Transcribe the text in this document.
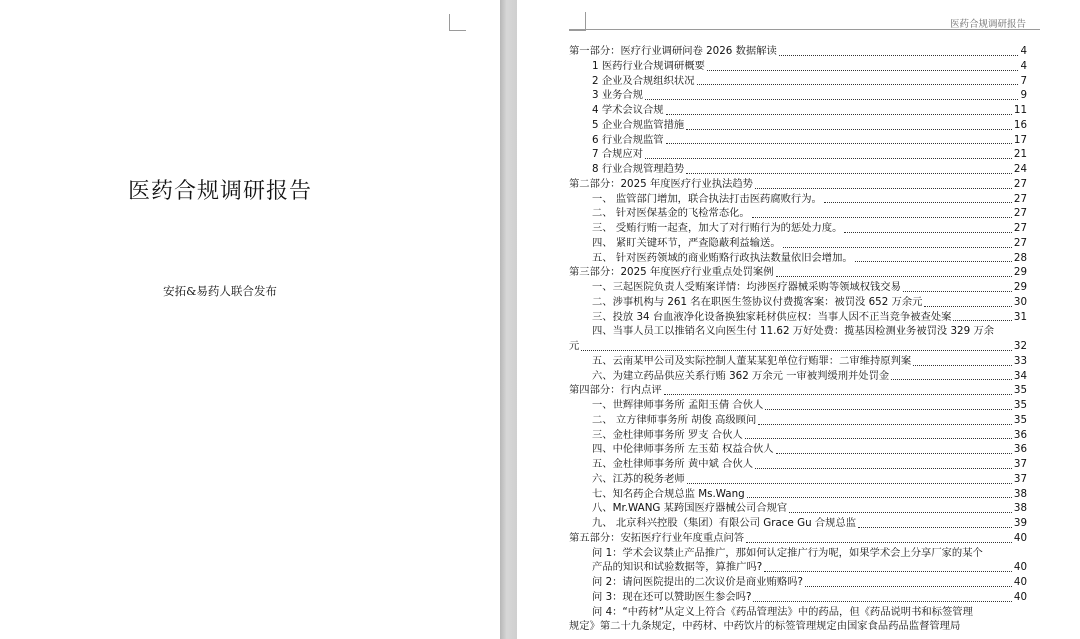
医药合规调研报告
安拓&易药人联合发布
医药合规调研报告
第一部分：医疗行业调研问卷 2026 数据解读	4
1 医药行业合规调研概要	4
2 企业及合规组织状况	7
3 业务合规	9
4 学术会议合规	11
5 企业合规监管措施	16
6 行业合规监管	17
7 合规应对	21
8 行业合规管理趋势	24
第二部分：2025 年度医疗行业执法趋势	27
一、 监管部门增加，联合执法打击医药腐败行为。	27
二、 针对医保基金的飞检常态化。	27
三、 受贿行贿一起查，加大了对行贿行为的惩处力度。	27
四、 紧盯关键环节，严查隐蔽利益输送。	27
五、 针对医药领域的商业贿赂行政执法数量依旧会增加。	28
第三部分：2025 年度医疗行业重点处罚案例	29
一、三起医院负责人受贿案详情：均涉医疗器械采购等领域权钱交易	29
二、涉事机构与 261 名在职医生签协议付费揽客案：被罚没 652 万余元	30
三、投放 34 台血液净化设备换独家耗材供应权：当事人因不正当竞争被查处案	31
四、当事人员工以推销名义向医生付 11.62 万好处费：揽基因检测业务被罚没 329 万余
元	32
五、云南某甲公司及实际控制人董某某犯单位行贿罪：二审维持原判案	33
六、为建立药品供应关系行贿 362 万余元 一审被判缓刑并处罚金	34
第四部分：行内点评	35
一、世辉律师事务所 孟阳玉倩 合伙人	35
二、 立方律师事务所 胡俊 高级顾问	35
三、金杜律师事务所 罗支 合伙人	36
四、中伦律师事务所 左玉茹 权益合伙人	36
五、金杜律师事务所 黄中斌 合伙人	37
六、江苏的税务老师	37
七、知名药企合规总监 Ms.Wang	38
八、Mr.WANG 某跨国医疗器械公司合规官	38
九、 北京科兴控股（集团）有限公司 Grace Gu 合规总监	39
第五部分：安拓医疗行业年度重点问答	40
问 1：学术会议禁止产品推广，那如何认定推广行为呢，如果学术会上分享厂家的某个
产品的知识和试验数据等，算推广吗?	40
问 2：请问医院提出的二次议价是商业贿赂吗?	40
问 3：现在还可以赞助医生参会吗?	40
问 4：“中药材”从定义上符合《药品管理法》中的药品，但《药品说明书和标签管理
规定》第二十九条规定，中药材、中药饮片的标签管理规定由国家食品药品监督管理局
